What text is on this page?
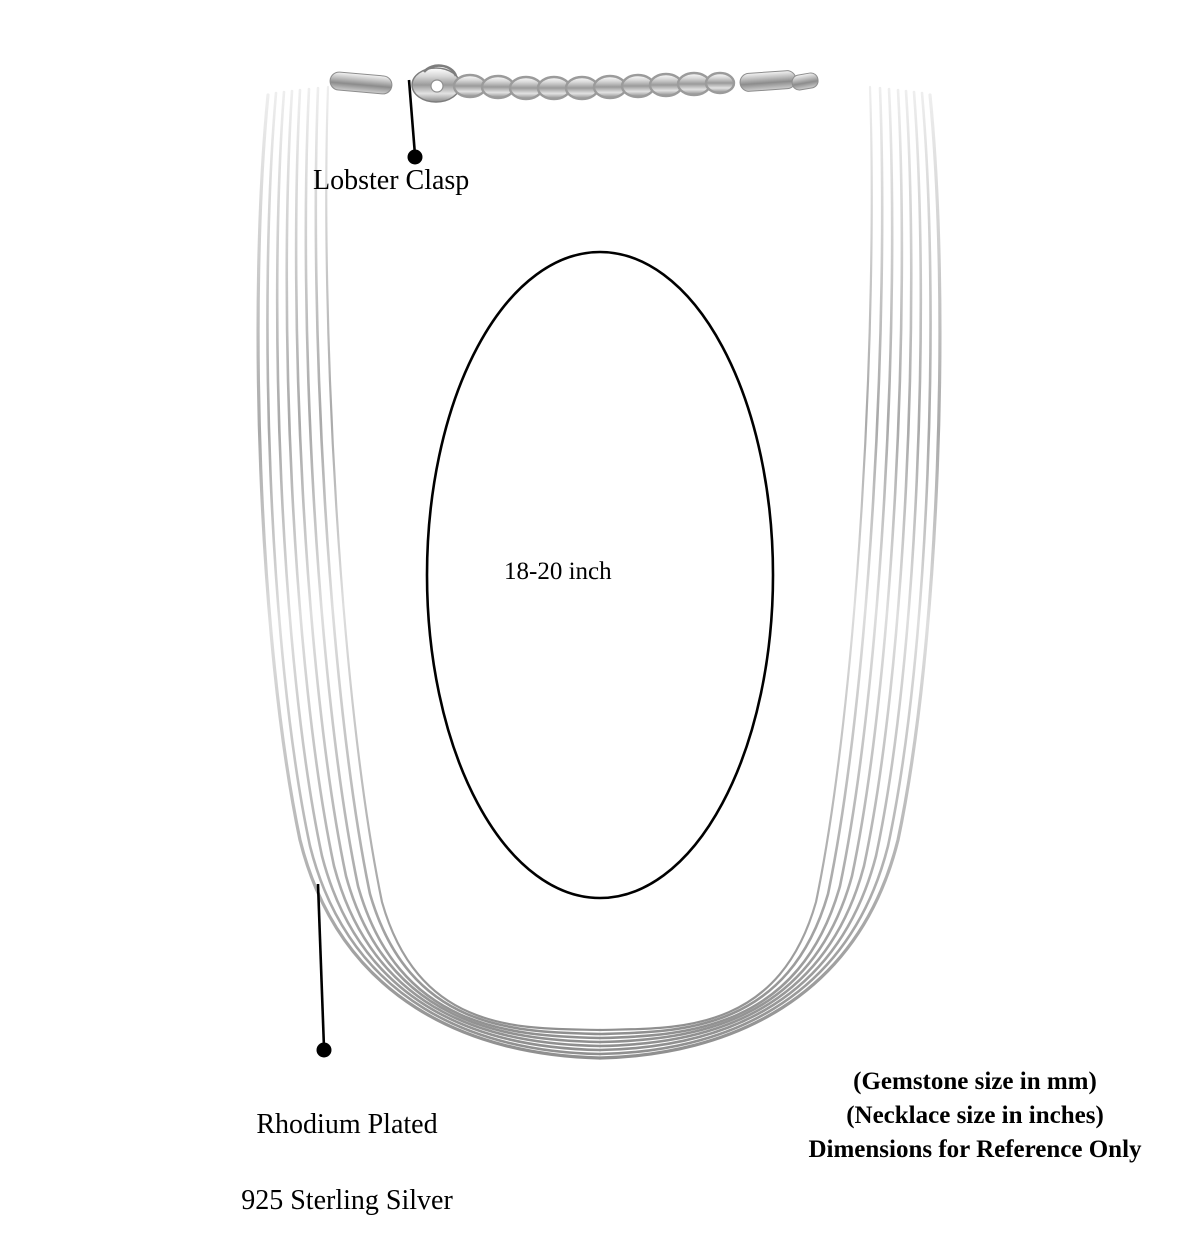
Lobster Clasp
18-20 inch

Rhodium Plated

925 Sterling Silver

(Gemstone size in mm)
(Necklace size in inches)
Dimensions for Reference Only
